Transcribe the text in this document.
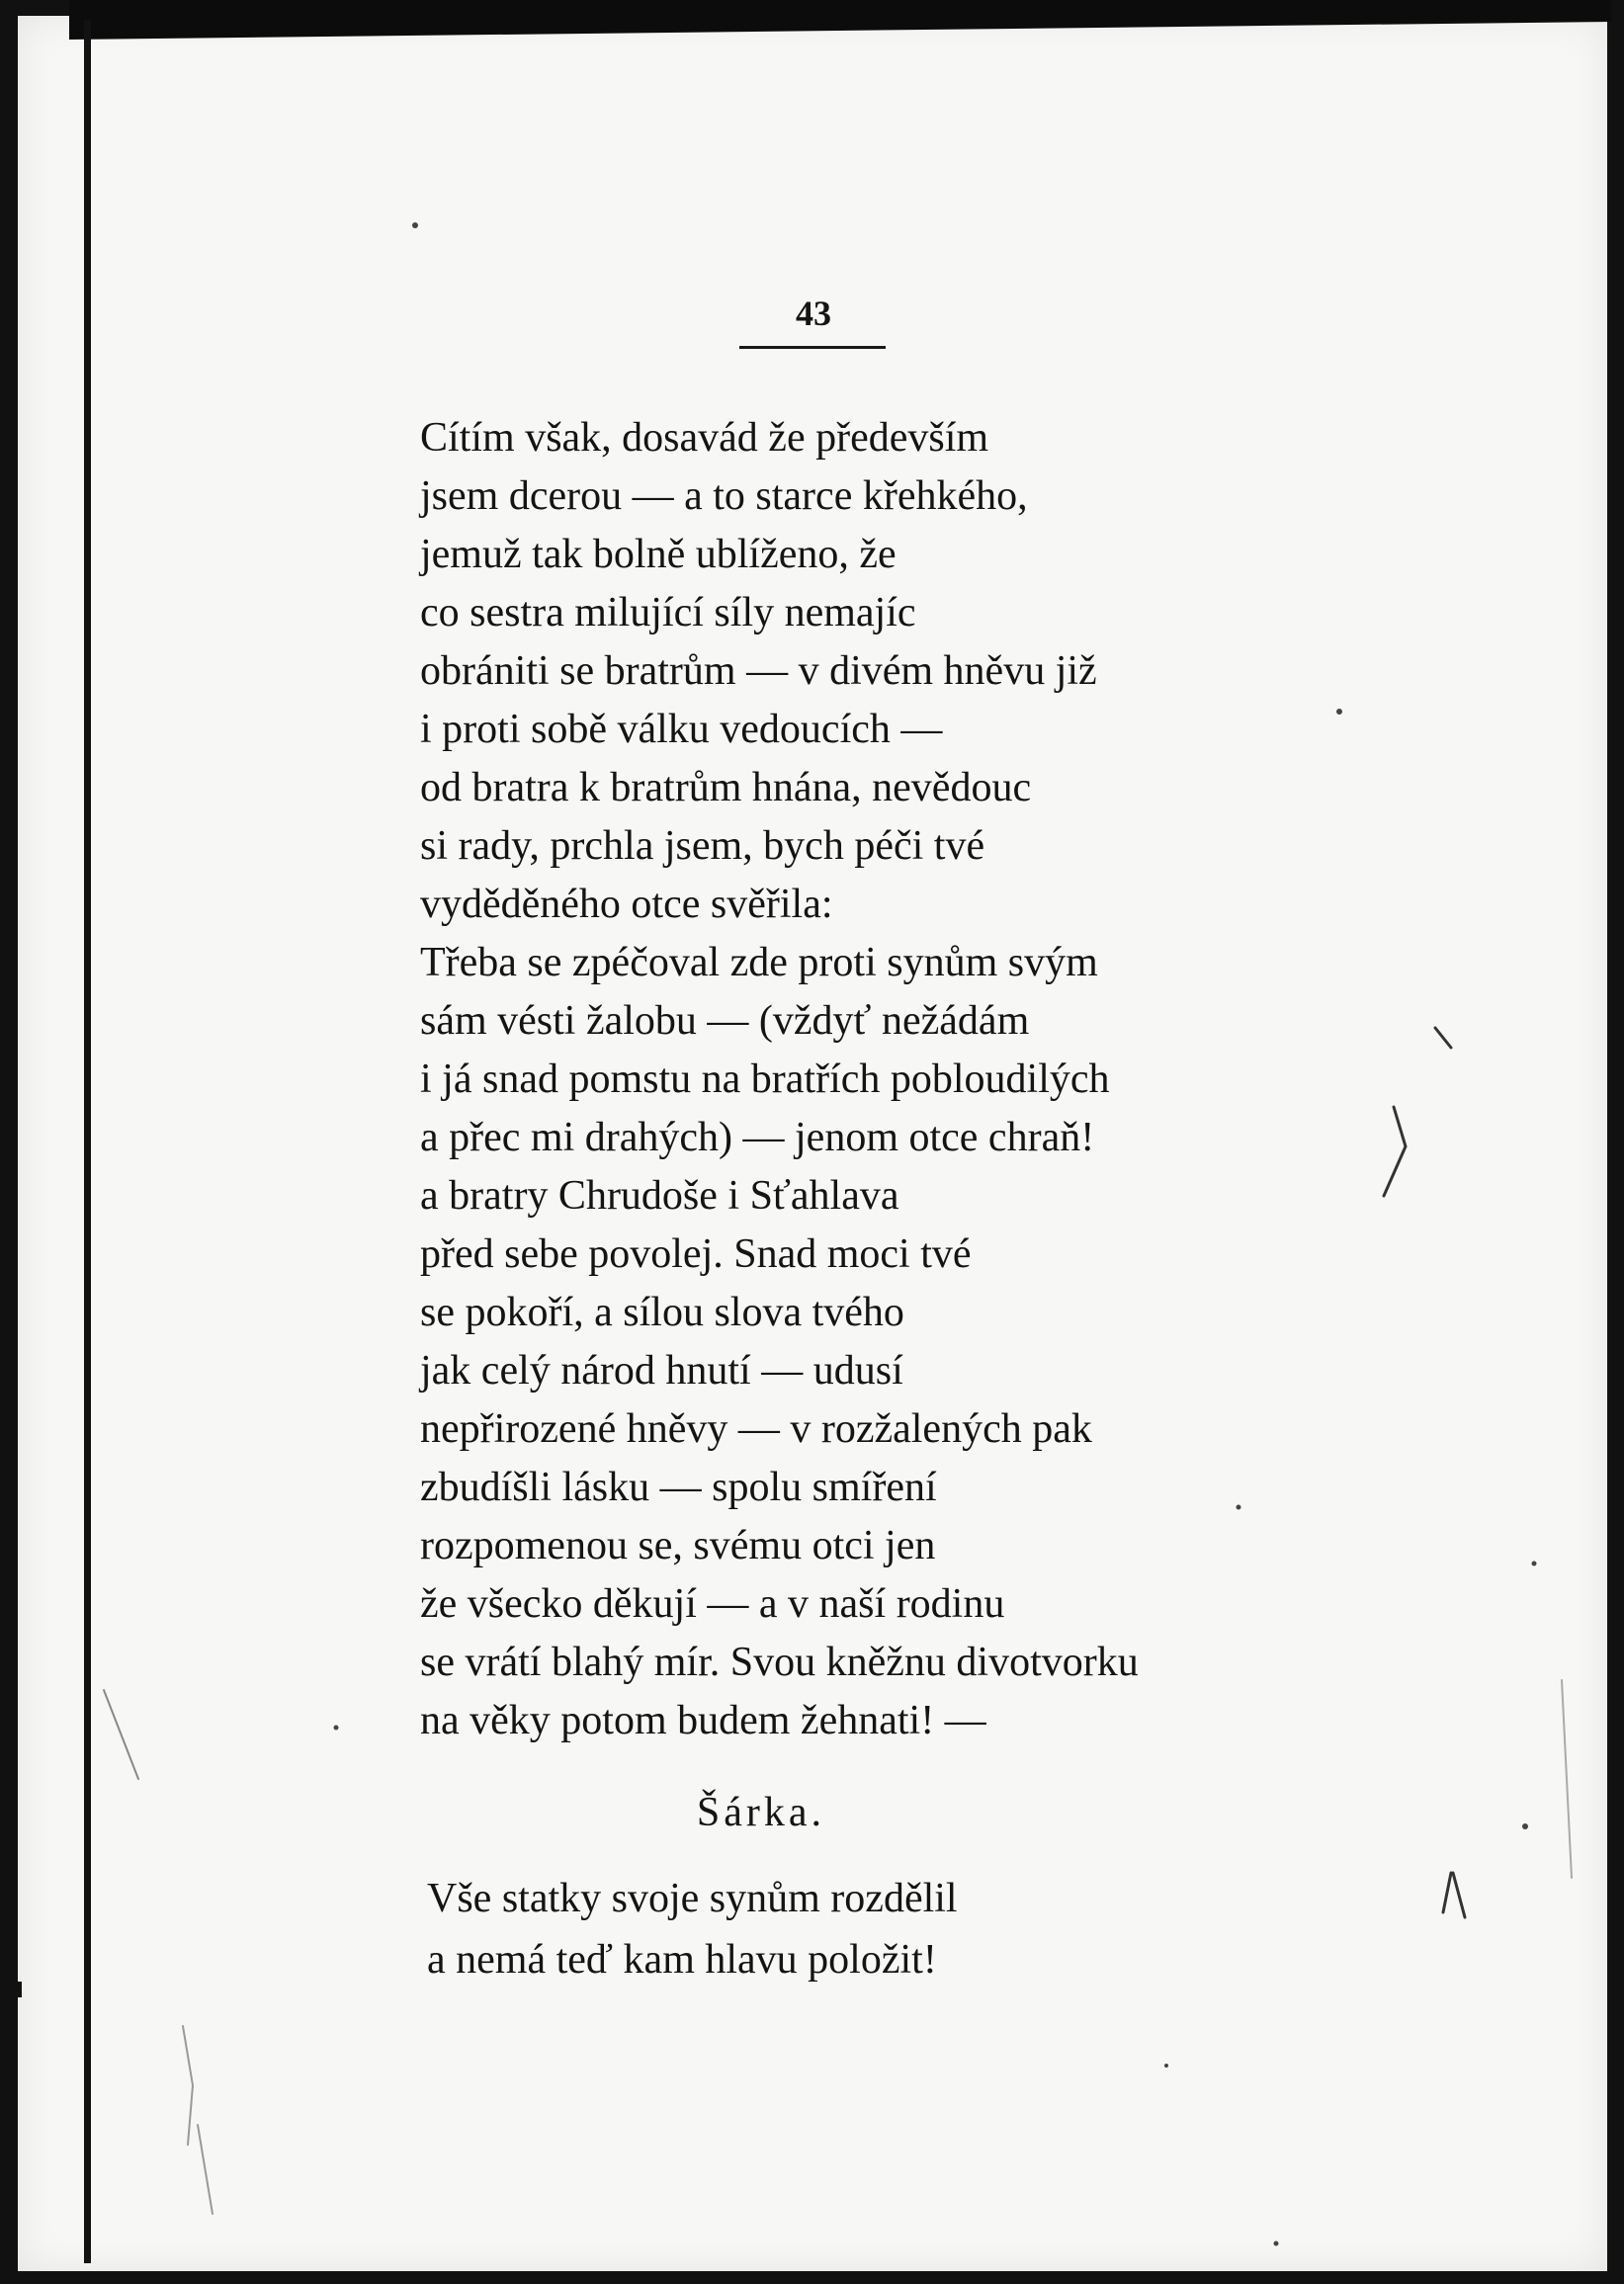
43
Cítím však, dosavád že především
jsem dcerou — a to starce křehkého,
jemuž tak bolně ublíženo, že
co sestra milující síly nemajíc
obrániti se bratrům — v divém hněvu již
i proti sobě válku vedoucích —
od bratra k bratrům hnána, nevědouc
si rady, prchla jsem, bych péči tvé
vyděděného otce svěřila:
Třeba se zpéčoval zde proti synům svým
sám vésti žalobu — (vždyť nežádám
i já snad pomstu na bratřích pobloudilých
a přec mi drahých) — jenom otce chraň!
a bratry Chrudoše i Sťahlava
před sebe povolej. Snad moci tvé
se pokoří, a sílou slova tvého
jak celý národ hnutí — udusí
nepřirozené hněvy — v rozžalených pak
zbudíšli lásku — spolu smíření
rozpomenou se, svému otci jen
že všecko děkují — a v naší rodinu
se vrátí blahý mír. Svou kněžnu divotvorku
na věky potom budem žehnati! —
Šárka.
Vše statky svoje synům rozdělil
a nemá teď kam hlavu položit!
